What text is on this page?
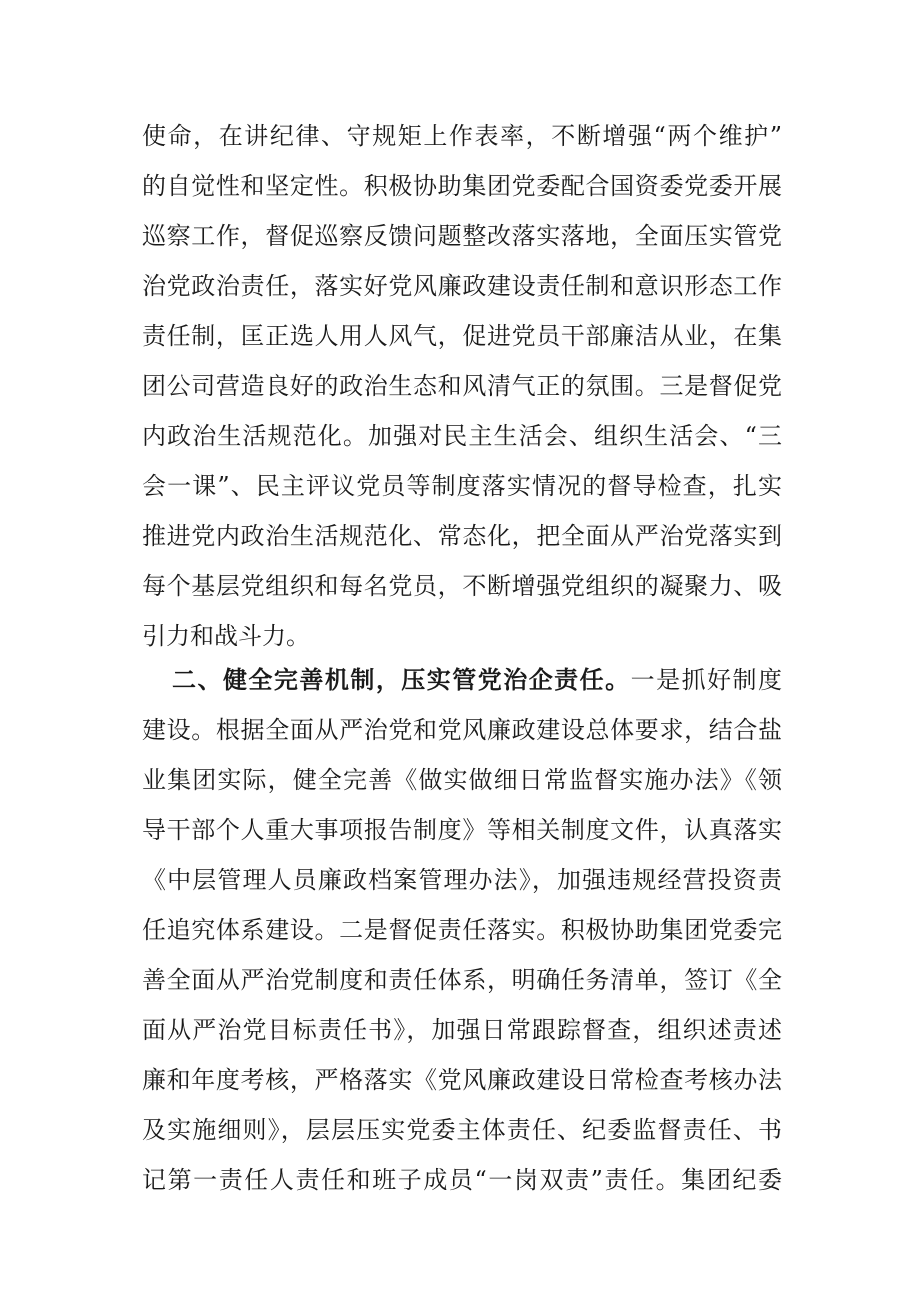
使命，在讲纪律、守规矩上作表率，不断增强“两个维护”
的自觉性和坚定性。积极协助集团党委配合国资委党委开展
巡察工作，督促巡察反馈问题整改落实落地，全面压实管党
治党政治责任，落实好党风廉政建设责任制和意识形态工作
责任制，匡正选人用人风气，促进党员干部廉洁从业，在集
团公司营造良好的政治生态和风清气正的氛围。三是督促党
内政治生活规范化。加强对民主生活会、组织生活会、“三
会一课”、民主评议党员等制度落实情况的督导检查，扎实
推进党内政治生活规范化、常态化，把全面从严治党落实到
每个基层党组织和每名党员，不断增强党组织的凝聚力、吸
引力和战斗力。
二、健全完善机制，压实管党治企责任。一是抓好制度
建设。根据全面从严治党和党风廉政建设总体要求，结合盐
业集团实际，健全完善《做实做细日常监督实施办法》《领
导干部个人重大事项报告制度》等相关制度文件，认真落实
《中层管理人员廉政档案管理办法》，加强违规经营投资责
任追究体系建设。二是督促责任落实。积极协助集团党委完
善全面从严治党制度和责任体系，明确任务清单，签订《全
面从严治党目标责任书》，加强日常跟踪督查，组织述责述
廉和年度考核，严格落实《党风廉政建设日常检查考核办法
及实施细则》，层层压实党委主体责任、纪委监督责任、书
记第一责任人责任和班子成员“一岗双责”责任。集团纪委
